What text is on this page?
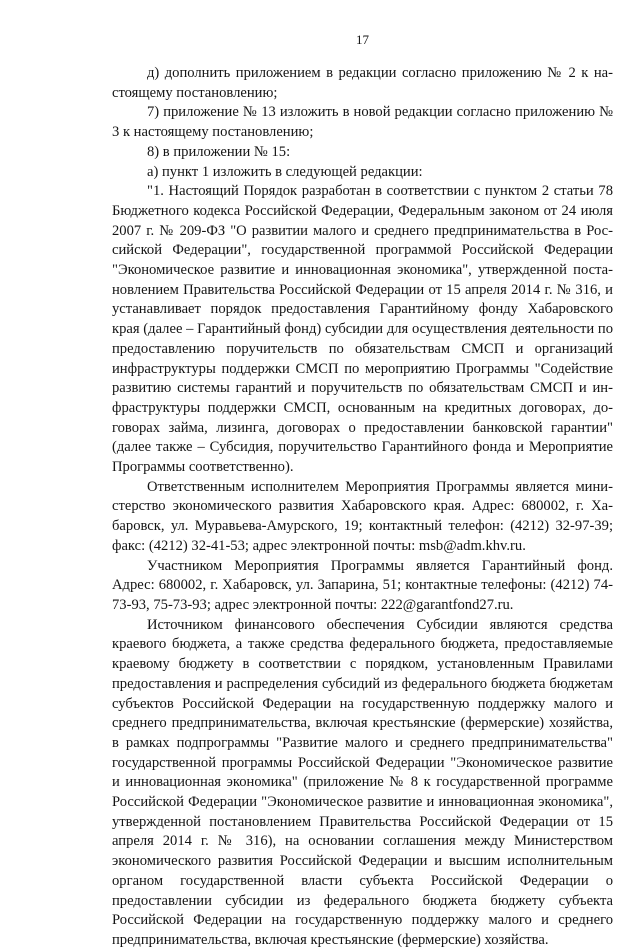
17

д) дополнить приложением в редакции согласно приложению № 2 к настоящему постановлению;

7) приложение № 13 изложить в новой редакции согласно приложению № 3 к настоящему постановлению;

8) в приложении № 15:

а) пункт 1 изложить в следующей редакции:

"1. Настоящий Порядок разработан в соответствии с пунктом 2 статьи 78 Бюджетного кодекса Российской Федерации, Федеральным законом от 24 июля 2007 г. № 209-ФЗ "О развитии малого и среднего предпринимательства в Российской Федерации", государственной программой Российской Федерации "Экономическое развитие и инновационная экономика", утвержденной постановлением Правительства Российской Федерации от 15 апреля 2014 г. № 316, и устанавливает порядок предоставления Гарантийному фонду Хабаровского края (далее – Гарантийный фонд) субсидии для осуществления деятельности по предоставлению поручительств по обязательствам СМСП и организаций инфраструктуры поддержки СМСП по мероприятию Программы "Содействие развитию системы гарантий и поручительств по обязательствам СМСП и инфраструктуры поддержки СМСП, основанным на кредитных договорах, договорах займа, лизинга, договорах о предоставлении банковской гарантии" (далее также – Субсидия, поручительство Гарантийного фонда и Мероприятие Программы соответственно).

Ответственным исполнителем Мероприятия Программы является министерство экономического развития Хабаровского края. Адрес: 680002, г. Хабаровск, ул. Муравьева-Амурского, 19; контактный телефон: (4212) 32-97-39; факс: (4212) 32-41-53; адрес электронной почты: msb@adm.khv.ru.

Участником Мероприятия Программы является Гарантийный фонд. Адрес: 680002, г. Хабаровск, ул. Запарина, 51; контактные телефоны: (4212) 74-73-93, 75-73-93; адрес электронной почты: 222@garantfond27.ru.

Источником финансового обеспечения Субсидии являются средства краевого бюджета, а также средства федерального бюджета, предоставляемые краевому бюджету в соответствии с порядком, установленным Правилами предоставления и распределения субсидий из федерального бюджета бюджетам субъектов Российской Федерации на государственную поддержку малого и среднего предпринимательства, включая крестьянские (фермерские) хозяйства, в рамках подпрограммы "Развитие малого и среднего предпринимательства" государственной программы Российской Федерации "Экономическое развитие и инновационная экономика" (приложение № 8 к государственной программе Российской Федерации "Экономическое развитие и инновационная экономика", утвержденной постановлением Правительства Российской Федерации от 15 апреля 2014 г. № 316), на основании соглашения между Министерством экономического развития Российской Федерации и высшим исполнительным органом государственной власти субъекта Российской Федерации о предоставлении субсидии из федерального бюджета бюджету субъекта Российской Федерации на государственную поддержку малого и среднего предпринимательства, включая крестьянские (фермерские) хозяйства.
